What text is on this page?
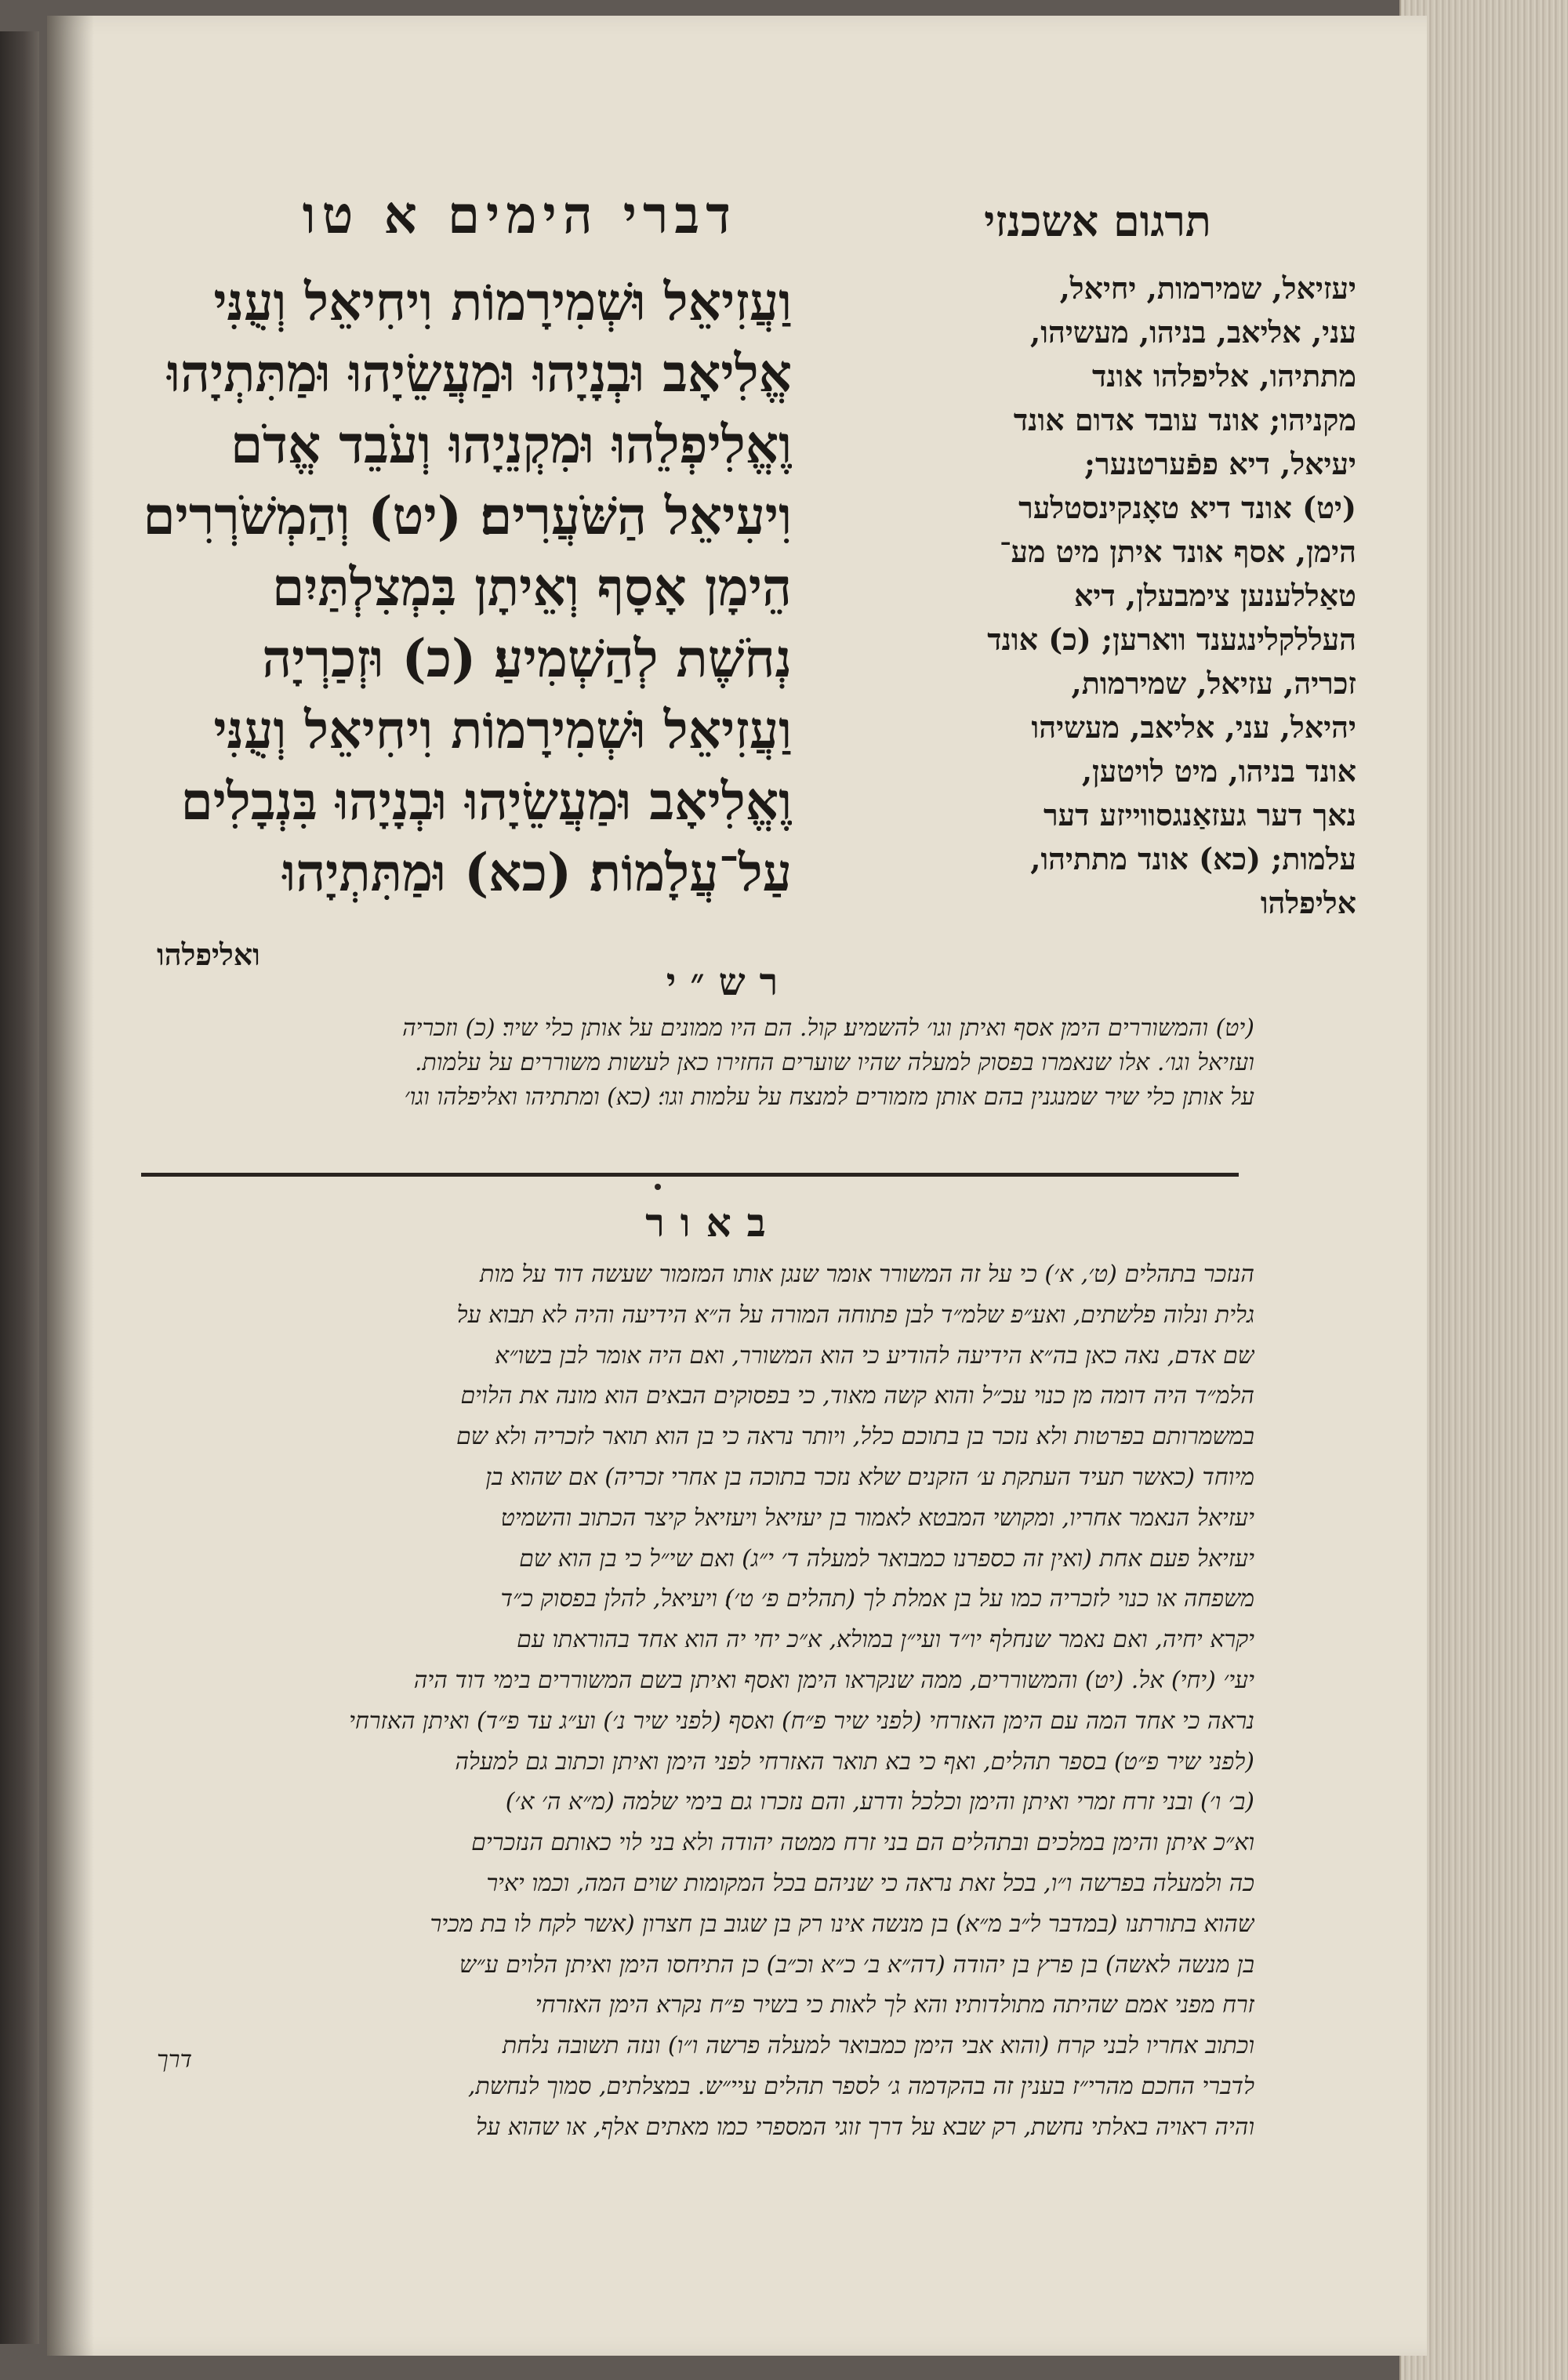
דברי הימים א טו	תרגום אשכנזי
וַעֲזִיאֵל וּשְׁמִירָמוֹת וִיחִיאֵל וְעֻנִּי
אֱלִיאָב וּבְנָיָהוּ וּמַעֲשֵׂיָהוּ וּמַתִּתְיָהוּ
וֶאֱלִיפְלֵהוּ וּמִקְנֵיָהוּ וְעֹבֵד אֱדֹם
וִיעִיאֵל הַשֹּׁעֲרִים׃ (יט) וְהַמְשֹׁרְרִים
הֵימָן אָסָף וְאֵיתָן בִּמְצִלְתַּיִם
נְחֹשֶׁת לְהַשְׁמִיעַ׃ (כ) וּזְכַרְיָה
וַעֲזִיאֵל וּשְׁמִירָמוֹת וִיחִיאֵל וְעֻנִּי
וֶאֱלִיאָב וּמַעֲשֵׂיָהוּ וּבְנָיָהוּ בִּנְבָלִים
עַל־עֲלָמוֹת׃ (כא) וּמַתִּתְיָהוּ
ואליפלהו
יעזיאל, שמירמות, יחיאל,
עני, אליאב, בניהו, מעשיהו,
מתתיהו, אליפלהו אונד
מקניהו; אונד עובד אדום אונד
יעיאל, דיא פפֿערטנער;
(יט) אונד דיא טאָנקינסטלער
הימן, אסף אונד איתן מיט מע־
טאַללענען צימבעלן, דיא
העללקלינגענד ווארען; (כ) אונד
זכריה, עזיאל, שמירמות,
יהיאל, עני, אליאב, מעשיהו
אונד בניהו, מיט לויטען,
נאך דער געזאַנגסווייזע דער
עלמות; (כא) אונד מתתיהו,
אליפלהו
רש״י
(יט) והמשוררים הימן אסף ואיתן וגו׳ להשמיע׃ קול. הם היו ממונים על אותן כלי שיר׃ (כ) וזכריה
ועזיאל וגו׳. אלו שנאמרו בפסוק למעלה שהיו שוערים החזירו כאן לעשות משוררים׃ על עלמות.
על אותן כלי שיר שמנגנין בהם אותן מזמורים למנצח על עלמות וגו׳׃ (כא) ומתתיהו ואליפלהו וגו׳
באור
הנזכר בתהלים (ט׳, א׳) כי על זה המשורר אומר שנגן אותו המזמור שעשה דוד על מות
גלית ונלוה פלשתים, ואע״פ שלמ״ד לבן פתוחה המורה על ה״א הידיעה והיה לא תבוא על
שם אדם, נאה כאן בה״א הידיעה להודיע כי הוא המשורר, ואם היה אומר לבן בשו״א
הלמ״ד היה דומה מן כנוי עכ״ל והוא קשה מאוד, כי בפסוקים הבאים הוא מונה את הלוים
במשמרותם בפרטות ולא נזכר בן בתוכם כלל, ויותר נראה כי בן הוא תואר לזכריה ולא שם
מיוחד (כאשר תעיד העתקת ע׳ הזקנים שלא נזכר בתוכה בן אחרי זכריה) אם שהוא בן
יעזיאל הנאמר אחריו, ומקושי המבטא לאמור בן יעזיאל ויעזיאל קיצר הכתוב והשמיט
יעזיאל פעם אחת (ואין זה כספרנו כמבואר למעלה ד׳ י״ג) ואם שי״ל כי בן הוא שם
משפחה או כנוי לזכריה כמו על בן אמלת לך (תהלים פ׳ ט׳)׃ ויעיאל, להלן בפסוק כ״ד
יקרא יחיה, ואם נאמר שנחלף יו״ד ועי״ן במולא, א״כ יחי יה הוא אחד בהוראתו עם
יעי׳ (יחי) אל. (יט) והמשוררים, ממה שנקראו הימן ואסף ואיתן בשם המשוררים בימי דוד היה
נראה כי אחד המה עם הימן האזרחי (לפני שיר פ״ח) ואסף (לפני שיר נ׳) וע״ג עד פ״ד) ואיתן האזרחי
(לפני שיר פ״ט) בספר תהלים, ואף כי בא תואר האזרחי לפני הימן ואיתן וכתוב גם למעלה
(ב׳ ו׳) ובני זרח זמרי ואיתן והימן וכלכל ודרע, והם נזכרו גם בימי שלמה (מ״א ה׳ א׳)
וא״כ איתן והימן במלכים ובתהלים הם בני זרח ממטה יהודה ולא בני לוי כאותם הנזכרים
כה ולמעלה בפרשה ו״ו, בכל זאת נראה כי שניהם בכל המקומות שוים המה, וכמו יאיר
שהוא בתורתנו (במדבר ל״ב מ״א) בן מנשה אינו רק בן שגוב בן חצרון (אשר לקח לו בת מכיר
בן מנשה לאשה) בן פרץ בן יהודה (דה״א ב׳ כ״א וכ״ב) כן התיחסו הימן ואיתן הלוים ע״ש
זרח מפני אמם שהיתה מתולדותיו׃ והא לך לאות כי בשיר פ״ח נקרא הימן האזרחי
וכתוב אחריו לבני קרח (והוא אבי הימן כמבואר למעלה פרשה ו״ו) ונזה תשובה נלחת
לדברי החכם מהרי״ז בענין זה בהקדמה ג׳ לספר תהלים עיי״ש. במצלתים, סמוך לנחשת,
והיה ראויה באלתי נחשת, רק שבא על דרך זוגי המספרי כמו מאתים אלף, או שהוא על
דרך
